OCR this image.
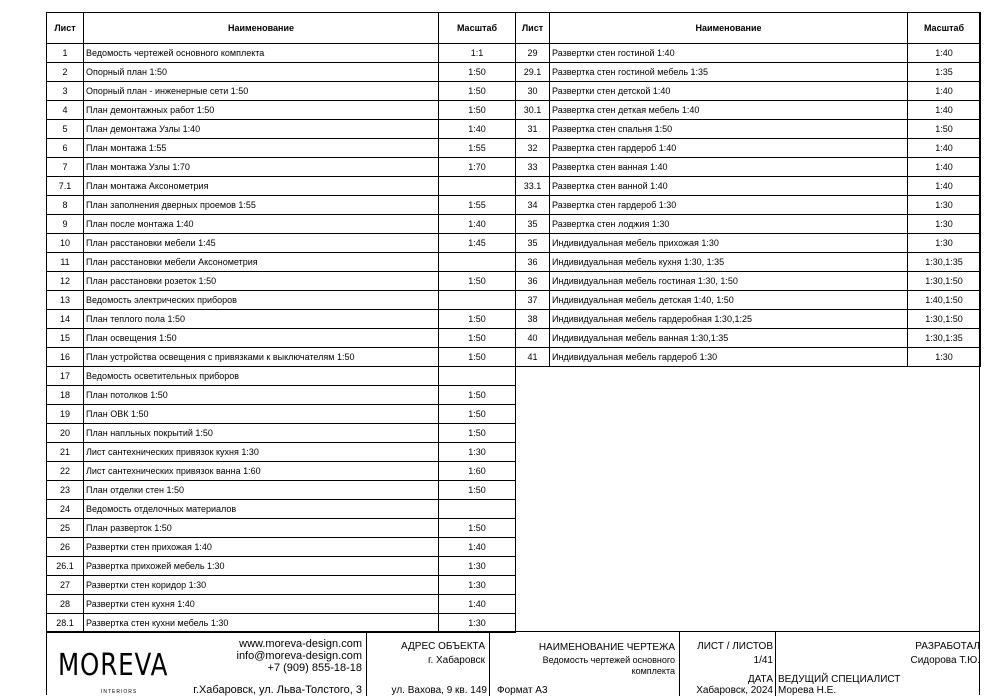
Лист	Наименование	Масштаб
1	Ведомость чертежей основного комплекта	1:1
2	Опорный план 1:50	1:50
3	Опорный план - инженерные сети 1:50	1:50
4	План демонтажных работ 1:50	1:50
5	План демонтажа Узлы 1:40	1:40
6	План монтажа 1:55	1:55
7	План монтажа Узлы 1:70	1:70
7.1	План монтажа Аксонометрия	
8	План заполнения дверных проемов 1:55	1:55
9	План после монтажа 1:40	1:40
10	План расстановки мебели 1:45	1:45
11	План расстановки мебели Аксонометрия	
12	План расстановки розеток 1:50	1:50
13	Ведомость электрических приборов	
14	План теплого пола 1:50	1:50
15	План освещения 1:50	1:50
16	План устройства освещения с привязками к выключателям 1:50	1:50
17	Ведомость осветительных приборов	
18	План потолков 1:50	1:50
19	План ОВК 1:50	1:50
20	План напльных покрытий 1:50	1:50
21	Лист сантехнических привязок кухня 1:30	1:30
22	Лист сантехнических привязок ванна 1:60	1:60
23	План отделки стен 1:50	1:50
24	Ведомость отделочных материалов	
25	План разверток 1:50	1:50
26	Развертки стен прихожая 1:40	1:40
26.1	Развертка прихожей мебель 1:30	1:30
27	Развертки стен коридор 1:30	1:30
28	Развертки стен кухня 1:40	1:40
28.1	Развертка стен кухни мебель 1:30	1:30
Лист	Наименование	Масштаб
29	Развертки стен гостиной 1:40	1:40
29.1	Развертка стен гостиной мебель 1:35	1:35
30	Развертки стен детской 1:40	1:40
30.1	Развертка стен деткая мебель 1:40	1:40
31	Развертка стен спальня 1:50	1:50
32	Развертка стен гардероб 1:40	1:40
33	Развертка стен ванная 1:40	1:40
33.1	Развертка стен ванной 1:40	1:40
34	Развертка стен гардероб 1:30	1:30
35	Развертка стен лоджия 1:30	1:30
35	Индивидуальная мебель прихожая 1:30	1:30
36	Индивидуальная мебель кухня 1:30, 1:35	1:30,1:35
36	Индивидуальная мебель гостиная 1:30, 1:50	1:30,1:50
37	Индивидуальная мебель детская 1:40, 1:50	1:40,1:50
38	Индивидуальная мебель гардеробная 1:30,1:25	1:30,1:50
40	Индивидуальная мебель ванная 1:30,1:35	1:30,1:35
41	Индивидуальная мебель гардероб 1:30	1:30
MOREVA
INTERIORS
www.moreva-design.com
info@moreva-design.com
+7 (909) 855-18-18
г.Хабаровск, ул. Льва-Толстого, 3
АДРЕС ОБЪЕКТА
г. Хабаровск
ул. Вахова, 9 кв. 149
НАИМЕНОВАНИЕ ЧЕРТЕЖА
Ведомость чертежей основного
комплекта
Формат А3
ЛИСТ / ЛИСТОВ
1/41
ДАТА
Хабаровск, 2024
РАЗРАБОТАЛ
Сидорова Т.Ю.
ВЕДУЩИЙ СПЕЦИАЛИСТ
Морева Н.Е.
